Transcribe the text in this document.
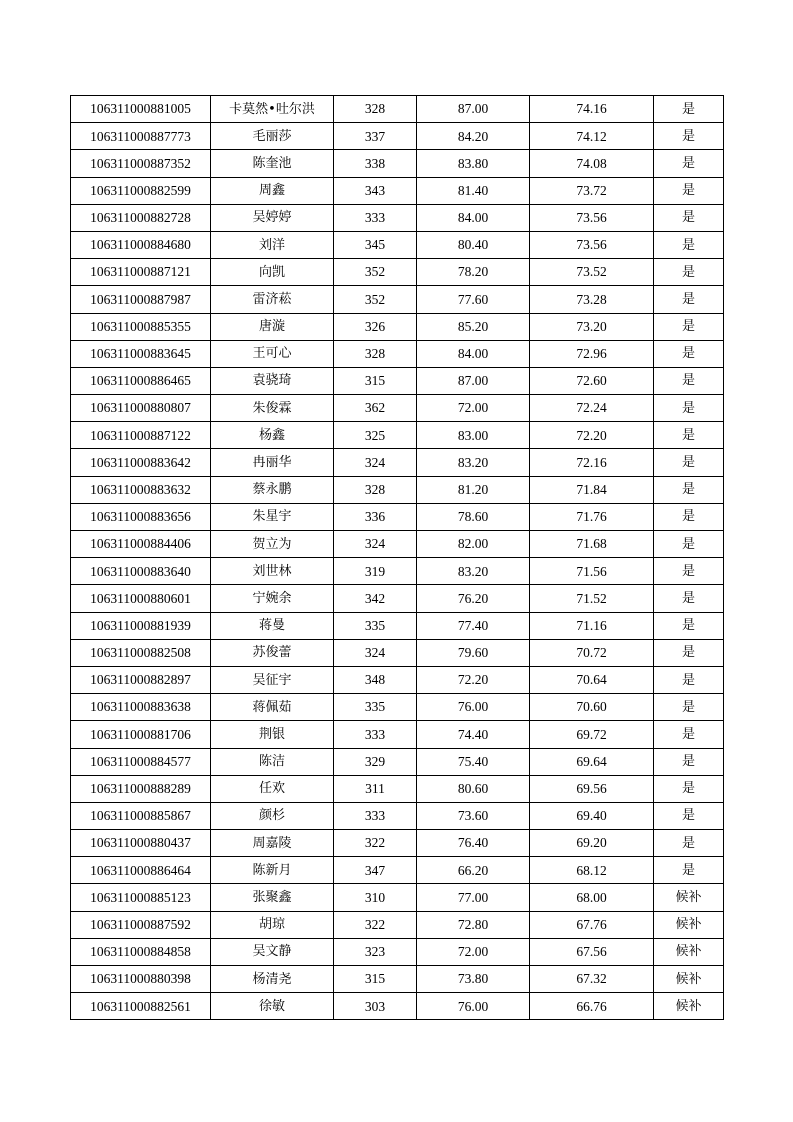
106311000881005	卡莫然•吐尔洪	328	87.00	74.16	是
106311000887773	毛丽莎	337	84.20	74.12	是
106311000887352	陈奎池	338	83.80	74.08	是
106311000882599	周鑫	343	81.40	73.72	是
106311000882728	吴婷婷	333	84.00	73.56	是
106311000884680	刘洋	345	80.40	73.56	是
106311000887121	向凯	352	78.20	73.52	是
106311000887987	雷济菘	352	77.60	73.28	是
106311000885355	唐漩	326	85.20	73.20	是
106311000883645	王可心	328	84.00	72.96	是
106311000886465	袁骁琦	315	87.00	72.60	是
106311000880807	朱俊霖	362	72.00	72.24	是
106311000887122	杨鑫	325	83.00	72.20	是
106311000883642	冉丽华	324	83.20	72.16	是
106311000883632	蔡永鹏	328	81.20	71.84	是
106311000883656	朱星宇	336	78.60	71.76	是
106311000884406	贺立为	324	82.00	71.68	是
106311000883640	刘世林	319	83.20	71.56	是
106311000880601	宁婉余	342	76.20	71.52	是
106311000881939	蒋曼	335	77.40	71.16	是
106311000882508	苏俊蕾	324	79.60	70.72	是
106311000882897	吴征宇	348	72.20	70.64	是
106311000883638	蒋佩茹	335	76.00	70.60	是
106311000881706	荆银	333	74.40	69.72	是
106311000884577	陈洁	329	75.40	69.64	是
106311000888289	任欢	311	80.60	69.56	是
106311000885867	颜杉	333	73.60	69.40	是
106311000880437	周嘉陵	322	76.40	69.20	是
106311000886464	陈新月	347	66.20	68.12	是
106311000885123	张聚鑫	310	77.00	68.00	候补
106311000887592	胡琼	322	72.80	67.76	候补
106311000884858	吴文静	323	72.00	67.56	候补
106311000880398	杨清尧	315	73.80	67.32	候补
106311000882561	徐敏	303	76.00	66.76	候补
